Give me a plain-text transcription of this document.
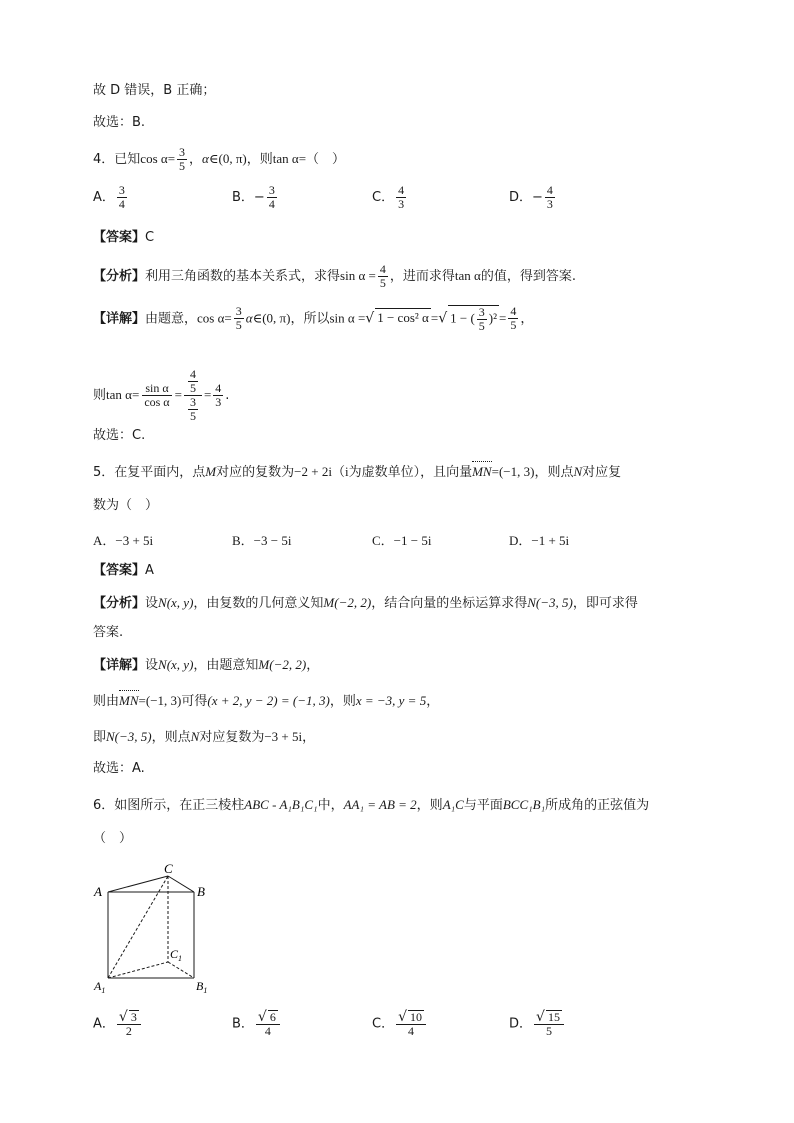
故 D 错误，B 正确；
故选：B.
4．已知$\cos \alpha= \frac{3}{5}$ ，α∈(0, π)，则tan α=（　）
A． $\frac{3}{4}$	B．− $\frac{3}{4}$	C． $\frac{4}{3}$	D．− $\frac{4}{3}$
【答案】C
【分析】利用三角函数的基本关系式，求得$\sin \alpha = \frac{4}{5}$ ，进而求得tan α的值，得到答案.
【详解】由题意，$\cos \alpha= \frac{3}{5}$ α∈(0, π)，所以sin α =√ 1 − cos² α =√ 1 − ( $\frac{3}{5} )^2 = \frac{4}{5}$ ，
则$\tan \alpha= \frac{\text{sin α}}{\text{cos α}} = \frac{\frac{4}{5}}{\frac{3}{5}} = \frac{4}{3}$ .
故选：C.
5．在复平面内，点M对应的复数为−2 + 2i（i为虚数单位），且向量MN=(−1, 3)，则点N对应复
数为（　）
A．−3 + 5i	B．−3 − 5i	C．−1 − 5i	D．−1 + 5i
【答案】A
【分析】设N(x, y)，由复数的几何意义知M(−2, 2)，结合向量的坐标运算求得N(−3, 5)，即可求得
答案.
【详解】设N(x, y)，由题意知M(−2, 2)，
则由MN=(−1, 3)可得(x + 2, y − 2) = (−1, 3)，则x = −3, y = 5，
即N(−3, 5)，则点N对应复数为−3 + 5i，
故选：A.
6．如图所示，在正三棱柱ABC - A₁B₁C₁中，AA₁ = AB = 2，则A₁C与平面BCC₁B₁所成角的正弦值为
（　）
A
C
B
$C_1$
$A_1$	$B_1$
A． $\frac{√ 3}{2}$	B． $\frac{√ 6}{4}$	C． $\frac{√ 10}{4}$	D． $\frac{√ 15}{5}$
